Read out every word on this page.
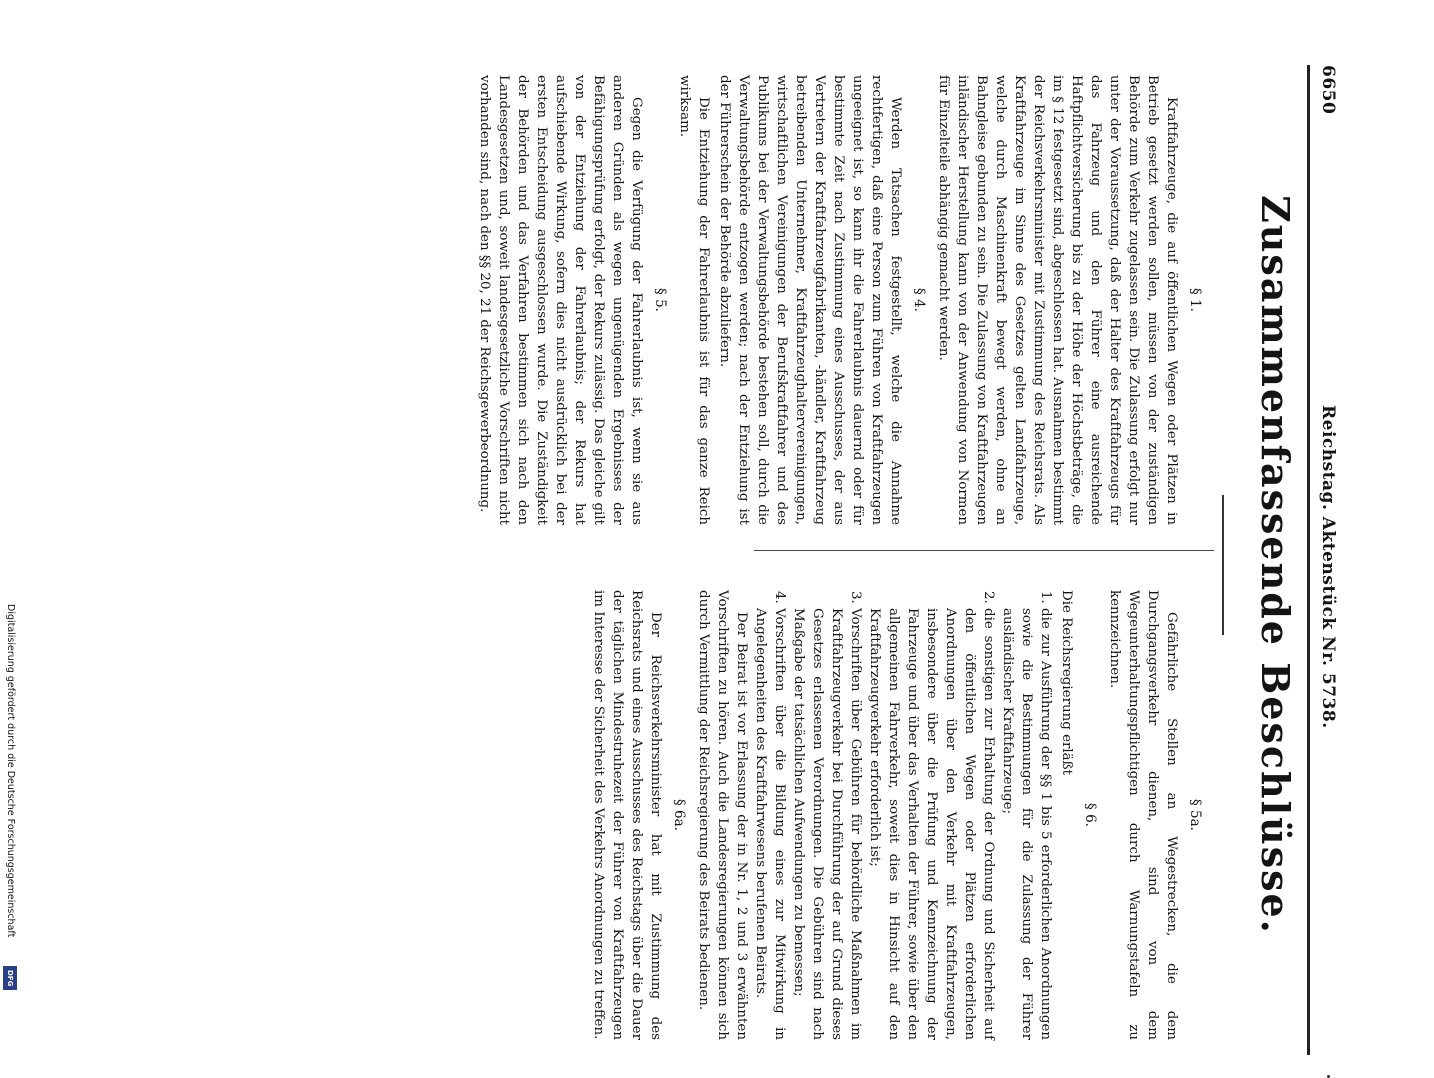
Digitalisierung gefördert durch die Deutsche Forschungsgemeinschaft
DFG
6650
Reichstag. Aktenstück Nr. 5738.
Zusammenfassende Beschlüsse.
§ 1.

Kraftfahrzeuge, die auf öffentlichen Wegen oder Plätzen in Betrieb gesetzt werden sollen, müssen von der zuständigen Behörde zum Verkehr zugelassen sein. Die Zulassung erfolgt nur unter der Voraussetzung, daß der Halter des Kraftfahrzeugs für das Fahrzeug und den Führer eine ausreichende Haftpflichtversicherung bis zu der Höhe der Höchstbeträge, die im § 12 festgesetzt sind, abgeschlossen hat. Ausnahmen bestimmt der Reichsverkehrsminister mit Zustimmung des Reichsrats. Als Kraftfahrzeuge im Sinne des Gesetzes gelten Landfahrzeuge, welche durch Maschinenkraft bewegt werden, ohne an Bahngleise gebunden zu sein. Die Zulassung von Kraftfahrzeugen inländischer Herstellung kann von der Anwendung von Normen für Einzelteile abhängig gemacht werden.

§ 4.

Werden Tatsachen festgestellt, welche die Annahme rechtfertigen, daß eine Person zum Führen von Kraftfahrzeugen ungeeignet ist, so kann ihr die Fahrerlaubnis dauernd oder für bestimmte Zeit nach Zustimmung eines Ausschusses, der aus Vertretern der Kraftfahrzeugfabrikanten, -händler, Kraftfahrzeug betreibenden Unternehmer, Kraftfahrzeughaltervereinigungen, wirtschaftlichen Vereinigungen der Berufskraftfahrer und des Publikums bei der Verwaltungsbehörde bestehen soll, durch die Verwaltungsbehörde entzogen werden; nach der Entziehung ist der Führerschein der Behörde abzuliefern.

Die Entziehung der Fahrerlaubnis ist für das ganze Reich wirksam.

§ 5.

Gegen die Verfügung der Fahrerlaubnis ist, wenn sie aus anderen Gründen als wegen ungenügenden Ergebnisses der Befähigungsprüfung erfolgt, der Rekurs zulässig. Das gleiche gilt von der Entziehung der Fahrerlaubnis; der Rekurs hat aufschiebende Wirkung, sofern dies nicht ausdrücklich bei der ersten Entscheidung ausgeschlossen wurde. Die Zuständigkeit der Behörden und das Verfahren bestimmen sich nach den Landesgesetzen und, soweit landesgesetzliche Vorschriften nicht vorhanden sind, nach den §§ 20, 21 der Reichsgewerbeordnung.

§ 5a.

Gefährliche Stellen an Wegestrecken, die dem Durchgangsverkehr dienen, sind von dem Wegeunterhaltungspflichtigen durch Warnungstafeln zu kennzeichnen.

§ 6.

Die Reichsregierung erläßt

1. die zur Ausführung der §§ 1 bis 5 erforderlichen Anordnungen sowie die Bestimmungen für die Zulassung der Führer ausländischer Kraftfahrzeuge;
2. die sonstigen zur Erhaltung der Ordnung und Sicherheit auf den öffentlichen Wegen oder Plätzen erforderlichen Anordnungen über den Verkehr mit Kraftfahrzeugen, insbesondere über die Prüfung und Kennzeichnung der Fahrzeuge und über das Verhalten der Führer, sowie über den allgemeinen Fahrverkehr, soweit dies in Hinsicht auf den Kraftfahrzeugverkehr erforderlich ist;
3. Vorschriften über Gebühren für behördliche Maßnahmen im Kraftfahrzeugverkehr bei Durchführung der auf Grund dieses Gesetzes erlassenen Verordnungen. Die Gebühren sind nach Maßgabe der tatsächlichen Aufwendungen zu bemessen;
4. Vorschriften über die Bildung eines zur Mitwirkung in Angelegenheiten des Kraftfahrwesens berufenen Beirats.

Der Beirat ist vor Erlassung der in Nr. 1, 2 und 3 erwähnten Vorschriften zu hören. Auch die Landesregierungen können sich durch Vermittlung der Reichsregierung des Beirats bedienen.

§ 6a.

Der Reichsverkehrsminister hat mit Zustimmung des Reichsrats und eines Ausschusses des Reichstags über die Dauer der täglichen Mindestruhezeit der Führer von Kraftfahrzeugen im Interesse der Sicherheit des Verkehrs Anordnungen zu treffen.
